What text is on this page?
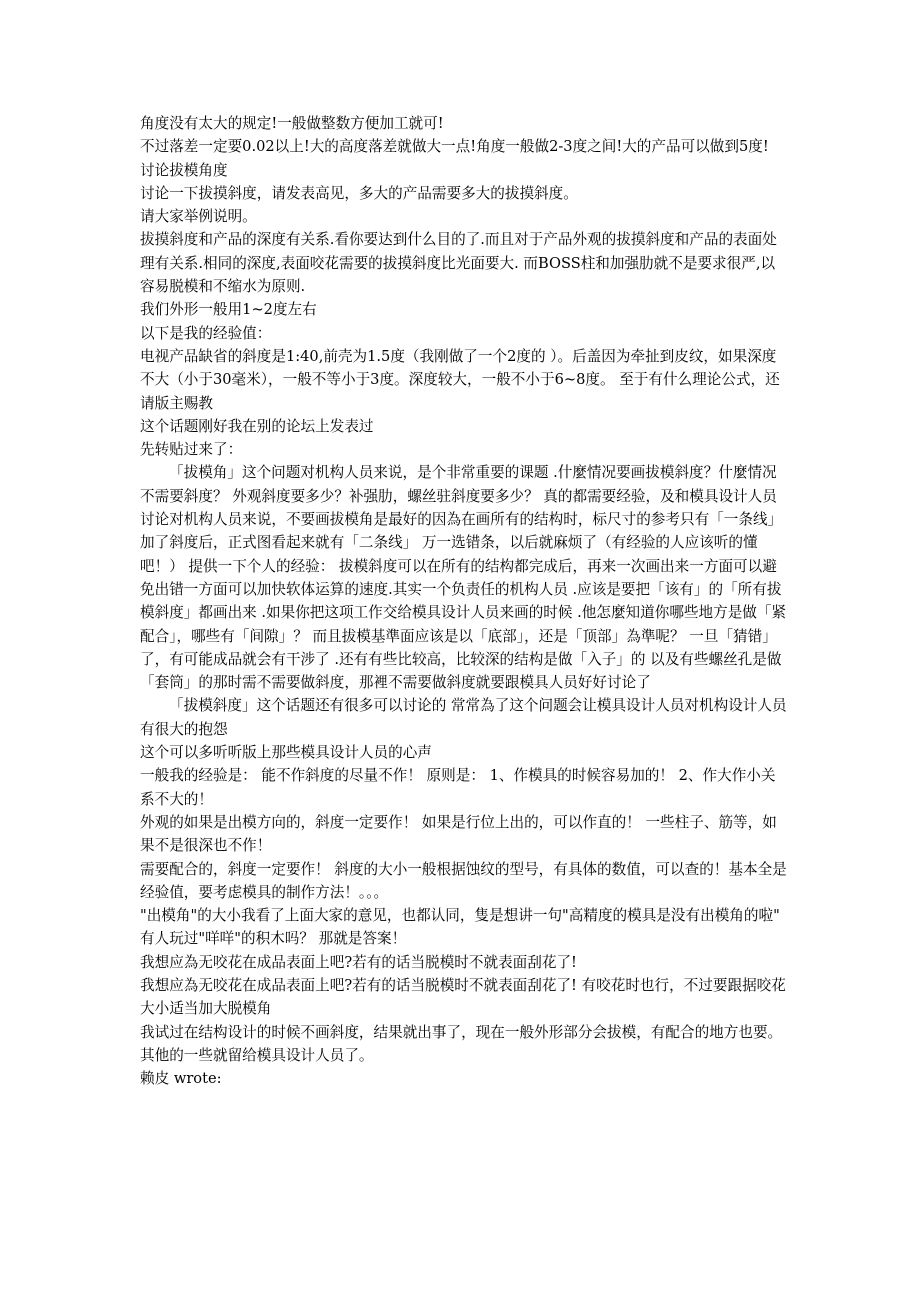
角度没有太大的规定!一般做整数方便加工就可!

不过落差一定要0.02以上!大的高度落差就做大一点!角度一般做2-3度之间!大的产品可以做到5度!

讨论拔模角度

讨论一下拔摸斜度，请发表高见，多大的产品需要多大的拔摸斜度。

请大家举例说明。

拔摸斜度和产品的深度有关系.看你要达到什么目的了.而且对于产品外观的拔摸斜度和产品的表面处理有关系.相同的深度,表面咬花需要的拔摸斜度比光面要大. 而BOSS柱和加强肋就不是要求很严,以容易脱模和不缩水为原则.

我们外形一般用1~2度左右

以下是我的经验值：

电视产品缺省的斜度是1:40,前壳为1.5度（我刚做了一个2度的 ）。后盖因为牵扯到皮纹，如果深度不大（小于30毫米），一般不等小于3度。深度较大，一般不小于6~8度。 至于有什么理论公式，还请版主赐教

这个话题刚好我在别的论坛上发表过

先转贴过来了：

「拔模角」这个问题对机构人员来说，是个非常重要的课题 .什麼情况要画拔模斜度？什麼情况不需要斜度？ 外观斜度要多少？补强肋，螺丝驻斜度要多少？ 真的都需要经验，及和模具设计人员讨论对机构人员来说，不要画拔模角是最好的因為在画所有的结构时，标尺寸的参考只有「一条线」加了斜度后，正式图看起来就有「二条线」 万一选错条，以后就麻烦了（有经验的人应该听的懂吧！） 提供一下个人的经验： 拔模斜度可以在所有的结构都完成后，再来一次画出来一方面可以避免出错一方面可以加快软体运算的速度.其实一个负责任的机构人员 .应该是要把「该有」的「所有拔模斜度」都画出来 .如果你把这项工作交给模具设计人员来画的时候 .他怎麼知道你哪些地方是做「紧配合」，哪些有「间隙」？ 而且拔模基準面应该是以「底部」，还是「顶部」為準呢？ 一旦「猜错」了，有可能成品就会有干涉了 .还有有些比较高，比较深的结构是做「入子」的 以及有些螺丝孔是做「套筒」的那时需不需要做斜度，那裡不需要做斜度就要跟模具人员好好讨论了

「拔模斜度」这个话题还有很多可以讨论的 常常為了这个问题会让模具设计人员对机构设计人员有很大的抱怨

这个可以多听听版上那些模具设计人员的心声

一般我的经验是： 能不作斜度的尽量不作！ 原则是： 1、作模具的时候容易加的！ 2、作大作小关系不大的！

外观的如果是出模方向的，斜度一定要作！ 如果是行位上出的，可以作直的！ 一些柱子、筋等，如果不是很深也不作！

需要配合的，斜度一定要作！ 斜度的大小一般根据蚀纹的型号，有具体的数值，可以查的！基本全是经验值，要考虑模具的制作方法！。。。

"出模角"的大小我看了上面大家的意见，也都认同，隻是想讲一句"高精度的模具是没有出模角的啦" 有人玩过"咩咩"的积木吗？ 那就是答案！

我想应為无咬花在成品表面上吧?若有的话当脱模时不就表面刮花了!

我想应為无咬花在成品表面上吧?若有的话当脱模时不就表面刮花了! 有咬花时也行，不过要跟据咬花大小适当加大脱模角

我试过在结构设计的时候不画斜度，结果就出事了，现在一般外形部分会拔模，有配合的地方也要。其他的一些就留给模具设计人员了。

赖皮 wrote:
